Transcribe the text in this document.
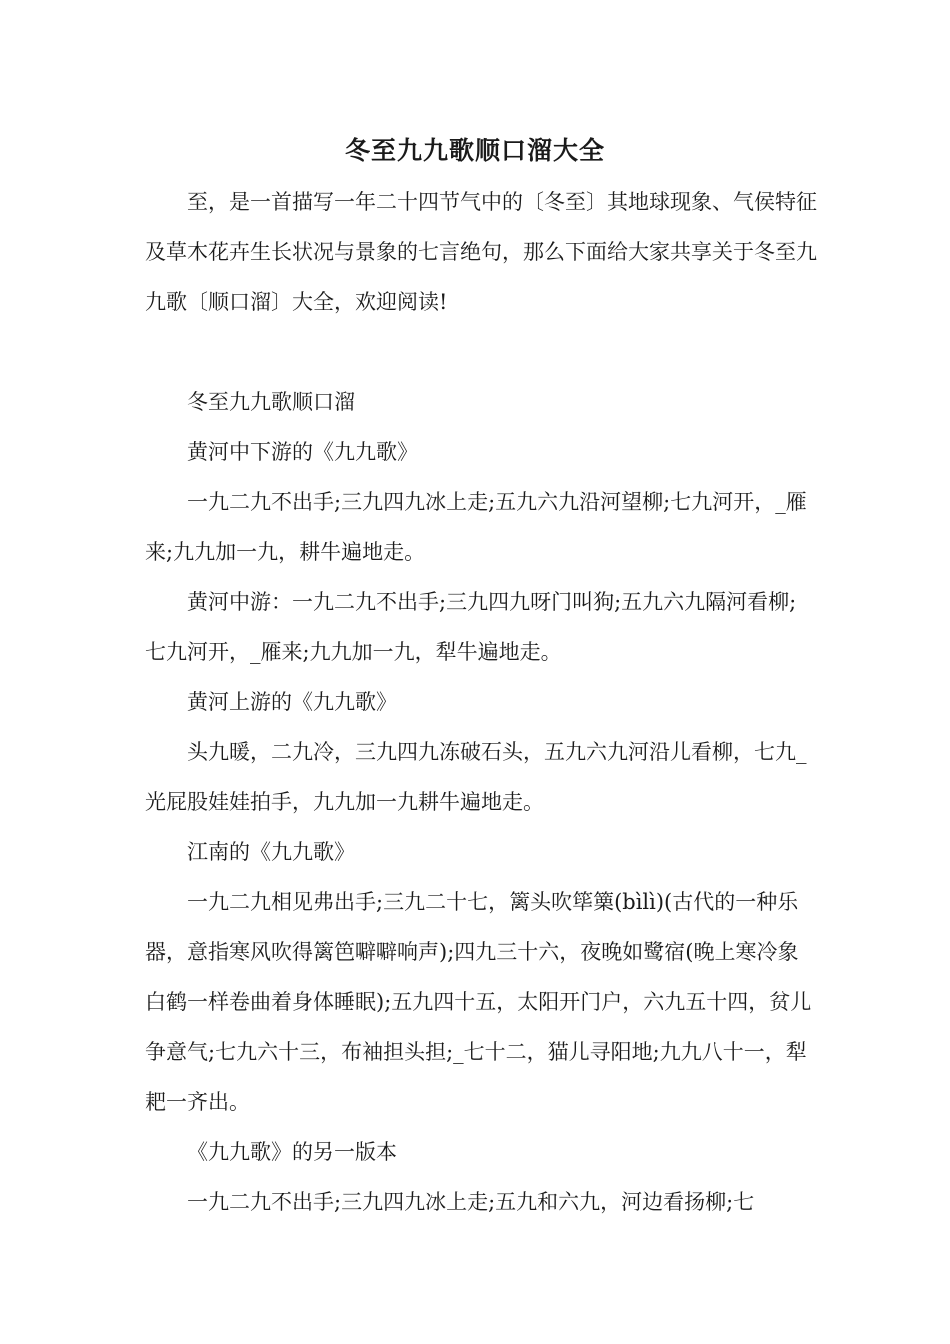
冬至九九歌顺口溜大全

至，是一首描写一年二十四节气中的〔冬至〕其地球现象、气侯特征及草木花卉生长状况与景象的七言绝句，那么下面给大家共享关于冬至九九歌〔顺口溜〕大全，欢迎阅读!

冬至九九歌顺口溜

黄河中下游的《九九歌》

一九二九不出手;三九四九冰上走;五九六九沿河望柳;七九河开，_雁来;九九加一九，耕牛遍地走。

黄河中游：一九二九不出手;三九四九呀门叫狗;五九六九隔河看柳;七九河开，_雁来;九九加一九，犁牛遍地走。

黄河上游的《九九歌》

头九暖，二九冷，三九四九冻破石头，五九六九河沿儿看柳，七九_光屁股娃娃拍手，九九加一九耕牛遍地走。

江南的《九九歌》

一九二九相见弗出手;三九二十七，篱头吹筚篥(bìlì)(古代的一种乐器，意指寒风吹得篱笆噼噼响声);四九三十六，夜晚如鹭宿(晚上寒冷象白鹤一样卷曲着身体睡眠);五九四十五，太阳开门户，六九五十四，贫儿争意气;七九六十三，布袖担头担;_七十二，猫儿寻阳地;九九八十一，犁耙一齐出。

《九九歌》的另一版本

一九二九不出手;三九四九冰上走;五九和六九，河边看扬柳;七
